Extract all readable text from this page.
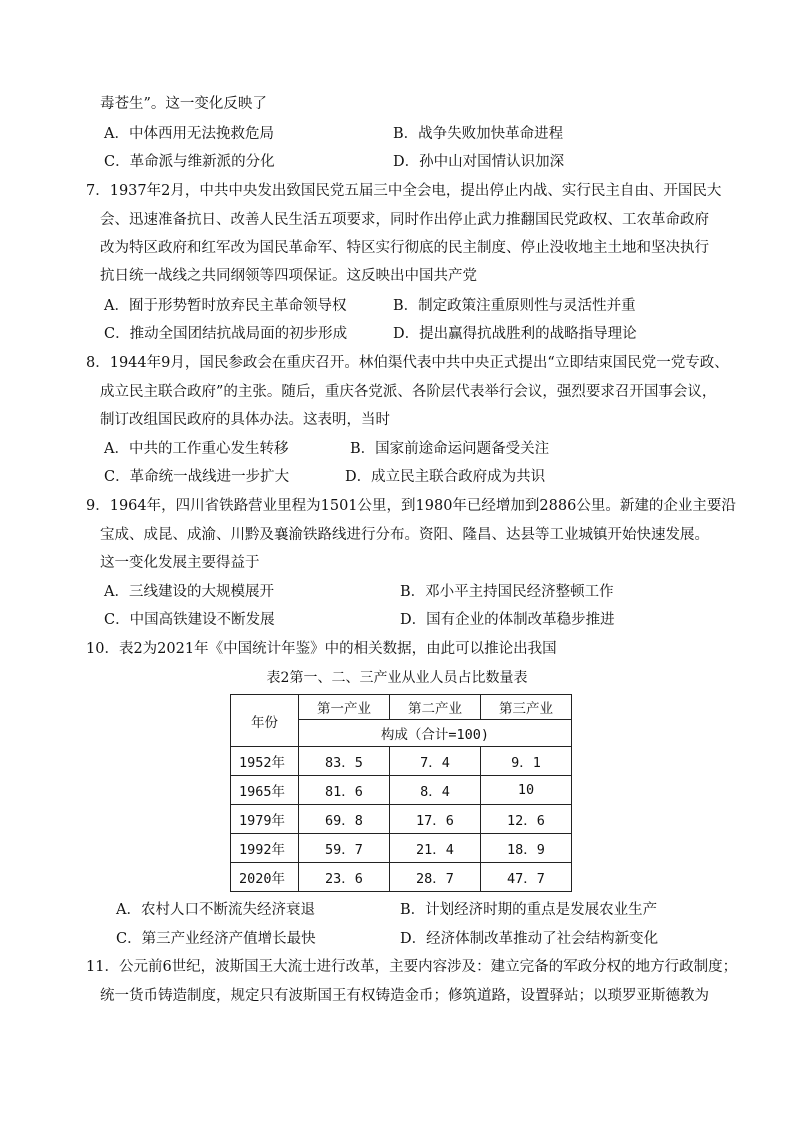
毒苍生”。这一变化反映了
A．中体西用无法挽救危局	B．战争失败加快革命进程
C．革命派与维新派的分化	D．孙中山对国情认识加深
7．1937年2月，中共中央发出致国民党五届三中全会电，提出停止内战、实行民主自由、开国民大
会、迅速准备抗日、改善人民生活五项要求，同时作出停止武力推翻国民党政权、工农革命政府
改为特区政府和红军改为国民革命军、特区实行彻底的民主制度、停止没收地主土地和坚决执行
抗日统一战线之共同纲领等四项保证。这反映出中国共产党
A．囿于形势暂时放弃民主革命领导权	B．制定政策注重原则性与灵活性并重
C．推动全国团结抗战局面的初步形成	D．提出赢得抗战胜利的战略指导理论
8．1944年9月，国民参政会在重庆召开。林伯渠代表中共中央正式提出“立即结束国民党一党专政、
成立民主联合政府”的主张。随后，重庆各党派、各阶层代表举行会议，强烈要求召开国事会议，
制订改组国民政府的具体办法。这表明，当时
A．中共的工作重心发生转移	B．国家前途命运问题备受关注
C．革命统一战线进一步扩大	D．成立民主联合政府成为共识
9．1964年，四川省铁路营业里程为1501公里，到1980年已经增加到2886公里。新建的企业主要沿
宝成、成昆、成渝、川黔及襄渝铁路线进行分布。资阳、隆昌、达县等工业城镇开始快速发展。
这一变化发展主要得益于
A．三线建设的大规模展开	B．邓小平主持国民经济整顿工作
C．中国高铁建设不断发展	D．国有企业的体制改革稳步推进
10．表2为2021年《中国统计年鉴》中的相关数据，由此可以推论出我国
表2第一、二、三产业从业人员占比数量表
年份	第一产业	第二产业	第三产业
	构成（合计=100)		
1952年	83．5	7．4	9．1
1965年	81．6	8．4	10
1979年	69．8	17．6	12．6
1992年	59．7	21．4	18．9
2020年	23．6	28．7	47．7
A．农村人口不断流失经济衰退	B．计划经济时期的重点是发展农业生产
C．第三产业经济产值增长最快	D．经济体制改革推动了社会结构新变化
11．公元前6世纪，波斯国王大流士进行改革，主要内容涉及：建立完备的军政分权的地方行政制度；
统一货币铸造制度，规定只有波斯国王有权铸造金币；修筑道路，设置驿站；以琐罗亚斯德教为
